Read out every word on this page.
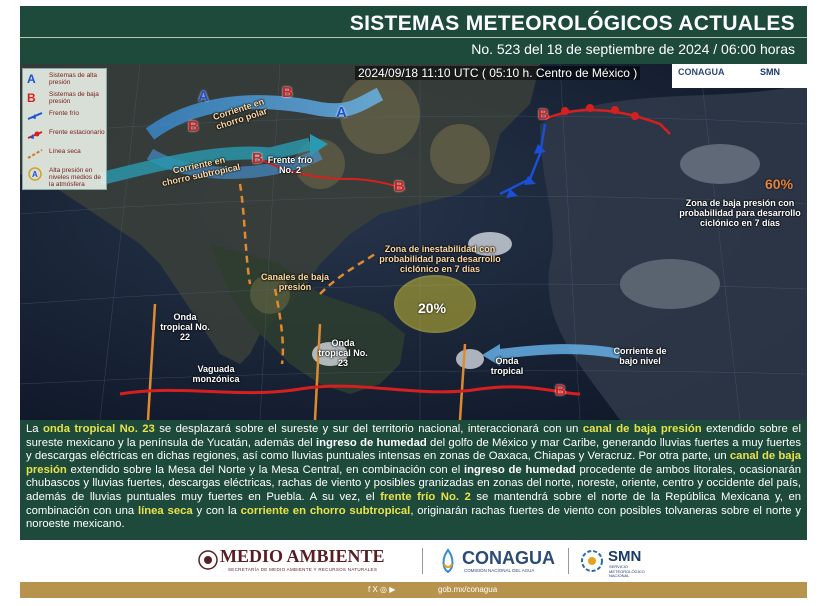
SISTEMAS METEOROLÓGICOS ACTUALES
No. 523 del 18 de septiembre de 2024 / 06:00 horas
A	Sistemas de alta presión
B	Sistemas de baja presión
Frente frío
Frente estacionario
Línea seca
A Alta presión en niveles medios de la atmósfera
2024/09/18 11:10 UTC ( 05:10 h. Centro de México )	CONAGUA	SMN
A
A
B
B
B
B
B
B
Corriente en chorro polar
Corriente en chorro subtropical
Frente frío No. 2
Canales de baja presión
Zona de inestabilidad con probabilidad para desarrollo ciclónico en 7 días
20%
60%
Zona de baja presión con probabilidad para desarrollo ciclónico en 7 días
Onda tropical No. 22
Onda tropical No. 23	Onda tropical
Vaguada monzónica
Corriente de bajo nivel
La onda tropical No. 23 se desplazará sobre el sureste y sur del territorio nacional, interaccionará con un canal de baja presión extendido sobre el sureste mexicano y la península de Yucatán, además del ingreso de humedad del golfo de México y mar Caribe, generando lluvias fuertes a muy fuertes y descargas eléctricas en dichas regiones, así como lluvias puntuales intensas en zonas de Oaxaca, Chiapas y Veracruz. Por otra parte, un canal de baja presión extendido sobre la Mesa del Norte y la Mesa Central, en combinación con el ingreso de humedad procedente de ambos litorales, ocasionarán chubascos y lluvias fuertes, descargas eléctricas, rachas de viento y posibles granizadas en zonas del norte, noreste, oriente, centro y occidente del país, además de lluvias puntuales muy fuertes en Puebla. A su vez, el frente frío No. 2 se mantendrá sobre el norte de la República Mexicana y, en combinación con una línea seca y con la corriente en chorro subtropical, originarán rachas fuertes de viento con posibles tolvaneras sobre el norte y noroeste mexicano.
MEDIO AMBIENTE
SECRETARÍA DE MEDIO AMBIENTE Y RECURSOS NATURALES
CONAGUA
COMISIÓN NACIONAL DEL AGUA
SMN
SERVICIO METEOROLÓGICO NACIONAL
f X ◎ ▶	gob.mx/conagua
